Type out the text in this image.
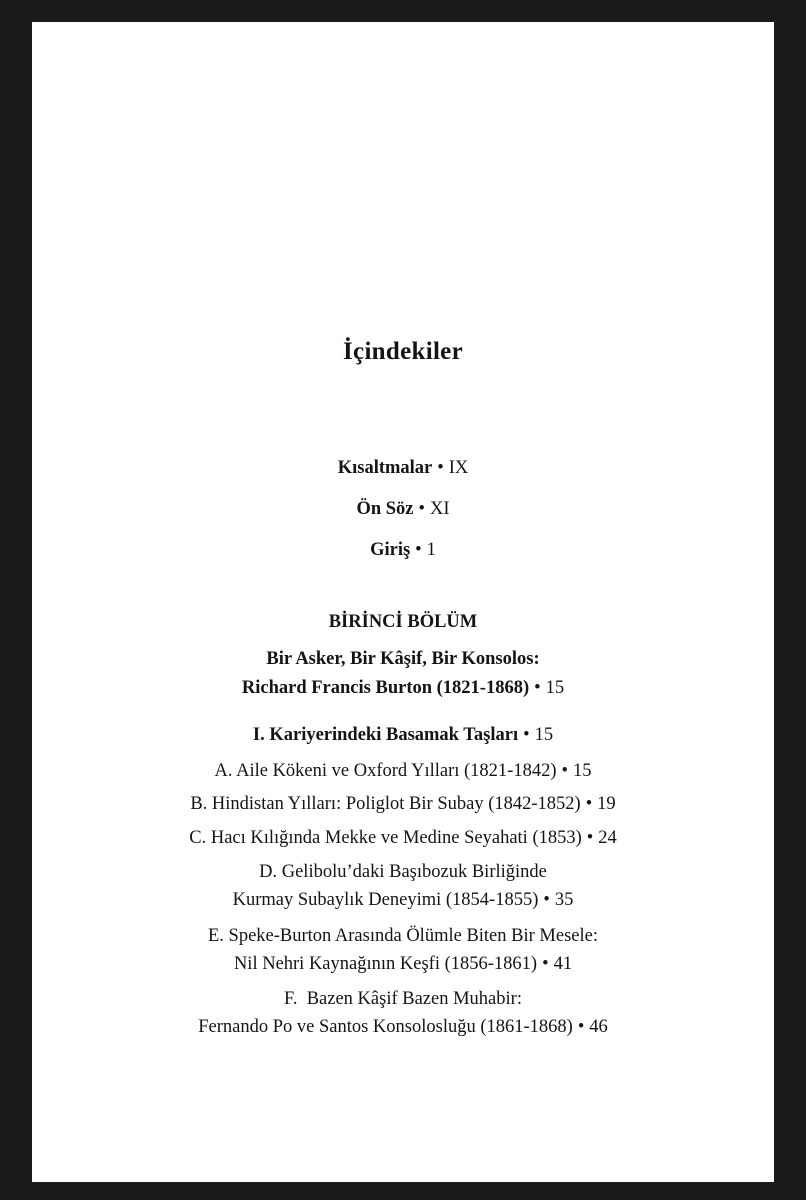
İçindekiler
Kısaltmalar • IX
Ön Söz • XI
Giriş • 1
BİRİNCİ BÖLÜM
Bir Asker, Bir Kâşif, Bir Konsolos:
Richard Francis Burton (1821-1868) • 15
I. Kariyerindeki Basamak Taşları • 15
A. Aile Kökeni ve Oxford Yılları (1821-1842) • 15
B. Hindistan Yılları: Poliglot Bir Subay (1842-1852) • 19
C. Hacı Kılığında Mekke ve Medine Seyahati (1853) • 24
D. Gelibolu’daki Başıbozuk Birliğinde
Kurmay Subaylık Deneyimi (1854-1855) • 35
E. Speke-Burton Arasında Ölümle Biten Bir Mesele:
Nil Nehri Kaynağının Keşfi (1856-1861) • 41
F.  Bazen Kâşif Bazen Muhabir:
Fernando Po ve Santos Konsolosluğu (1861-1868) • 46
